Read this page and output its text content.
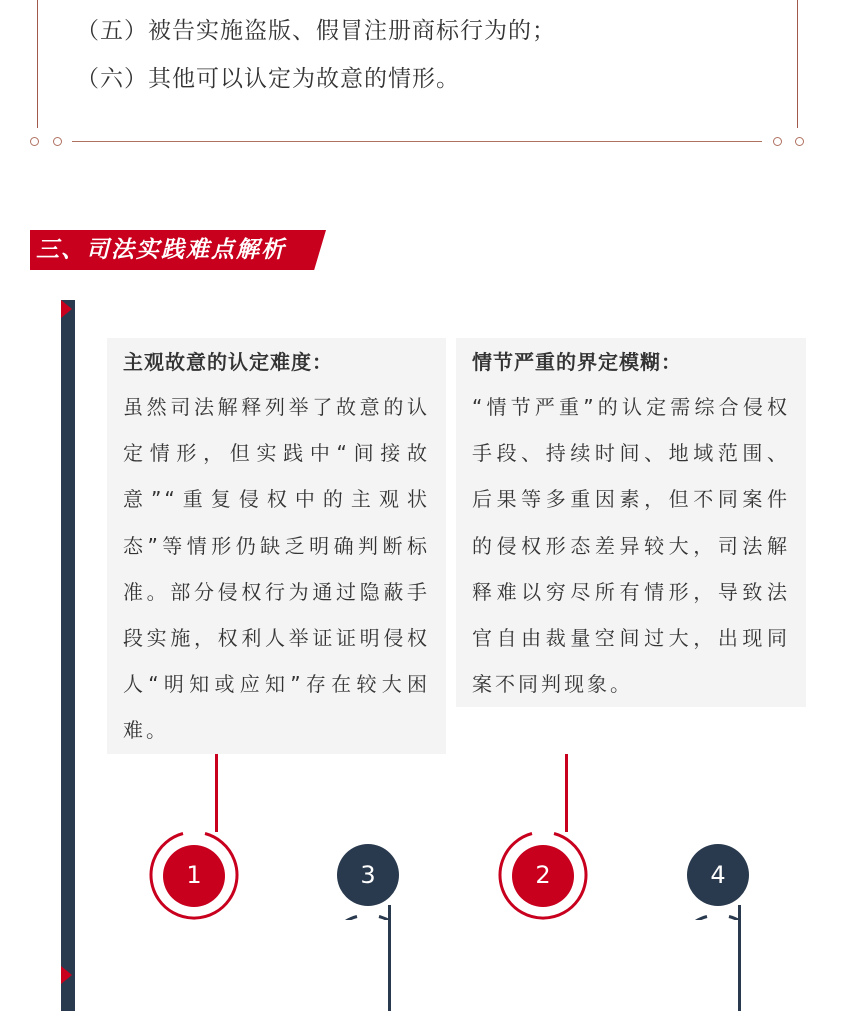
（五）被告实施盗版、假冒注册商标行为的；
（六）其他可以认定为故意的情形。
三、司法实践难点解析
主观故意的认定难度：
虽然司法解释列举了故意的认定情形，但实践中“间接故意”“重复侵权中的主观状态”等情形仍缺乏明确判断标准。部分侵权行为通过隐蔽手段实施，权利人举证证明侵权人“明知或应知”存在较大困难。
情节严重的界定模糊：
“情节严重”的认定需综合侵权手段、持续时间、地域范围、后果等多重因素，但不同案件的侵权形态差异较大，司法解释难以穷尽所有情形，导致法官自由裁量空间过大，出现同案不同判现象。
1	3	2	4
